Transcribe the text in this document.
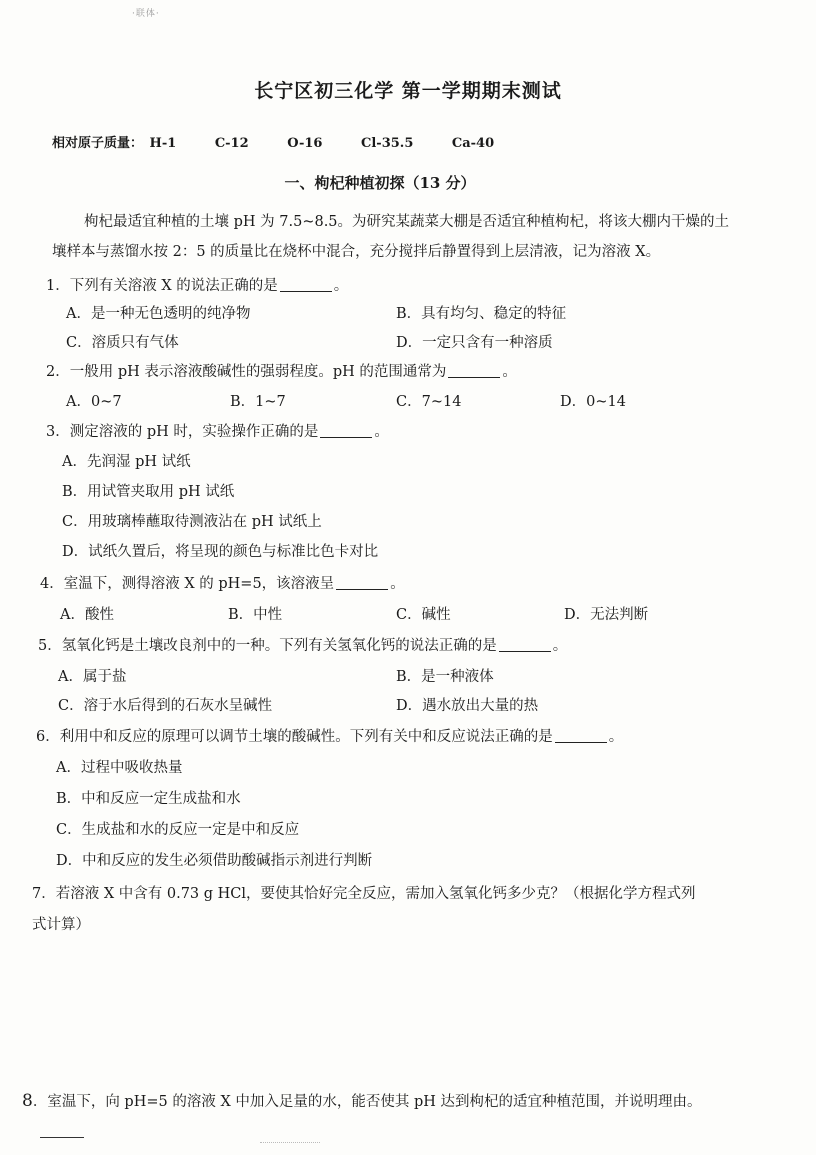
·联体·
长宁区初三化学 第一学期期末测试
相对原子质量： H-1	C-12	O-16	Cl-35.5	Ca-40
一、枸杞种植初探（13 分）
枸杞最适宜种植的土壤 pH 为 7.5~8.5。为研究某蔬菜大棚是否适宜种植枸杞，将该大棚内干燥的土
壤样本与蒸馏水按 2：5 的质量比在烧杯中混合，充分搅拌后静置得到上层清液，记为溶液 X。
1．下列有关溶液 X 的说法正确的是	。
A．是一种无色透明的纯净物	B．具有均匀、稳定的特征
C．溶质只有气体	D．一定只含有一种溶质
2．一般用 pH 表示溶液酸碱性的强弱程度。pH 的范围通常为	。
A．0~7	B．1~7	C．7~14	D．0~14
3．测定溶液的 pH 时，实验操作正确的是	。
A．先润湿 pH 试纸
B．用试管夹取用 pH 试纸
C．用玻璃棒蘸取待测液沾在 pH 试纸上
D．试纸久置后，将呈现的颜色与标准比色卡对比
4．室温下，测得溶液 X 的 pH=5，该溶液呈	。
A．酸性	B．中性	C．碱性	D．无法判断
5．氢氧化钙是土壤改良剂中的一种。下列有关氢氧化钙的说法正确的是	。
A．属于盐	B．是一种液体
C．溶于水后得到的石灰水呈碱性	D．遇水放出大量的热
6．利用中和反应的原理可以调节土壤的酸碱性。下列有关中和反应说法正确的是	。
A．过程中吸收热量
B．中和反应一定生成盐和水
C．生成盐和水的反应一定是中和反应
D．中和反应的发生必须借助酸碱指示剂进行判断
7．若溶液 X 中含有 0.73 g HCl，要使其恰好完全反应，需加入氢氧化钙多少克？（根据化学方程式列
式计算）
8．室温下，向 pH=5 的溶液 X 中加入足量的水，能否使其 pH 达到枸杞的适宜种植范围，并说明理由。
